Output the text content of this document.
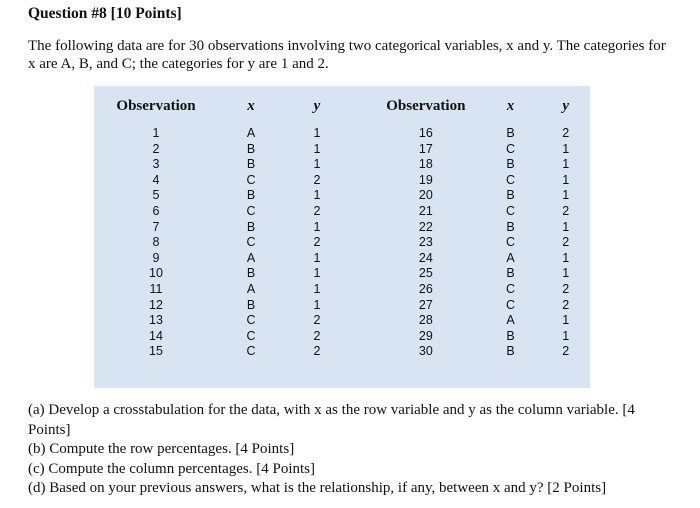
Question #8 [10 Points]
The following data are for 30 observations involving two categorical variables, x and y. The categories for x are A, B, and C; the categories for y are 1 and 2.
Observation	x	y
1	A	1
2	B	1
3	B	1
4	C	2
5	B	1
6	C	2
7	B	1
8	C	2
9	A	1
10	B	1
11	A	1
12	B	1
13	C	2
14	C	2
15	C	2
Observation	x	y
16	B	2
17	C	1
18	B	1
19	C	1
20	B	1
21	C	2
22	B	1
23	C	2
24	A	1
25	B	1
26	C	2
27	C	2
28	A	1
29	B	1
30	B	2

(a) Develop a crosstabulation for the data, with x as the row variable and y as the column variable. [4 Points]

(b) Compute the row percentages. [4 Points]

(c) Compute the column percentages. [4 Points]

(d) Based on your previous answers, what is the relationship, if any, between x and y? [2 Points]
